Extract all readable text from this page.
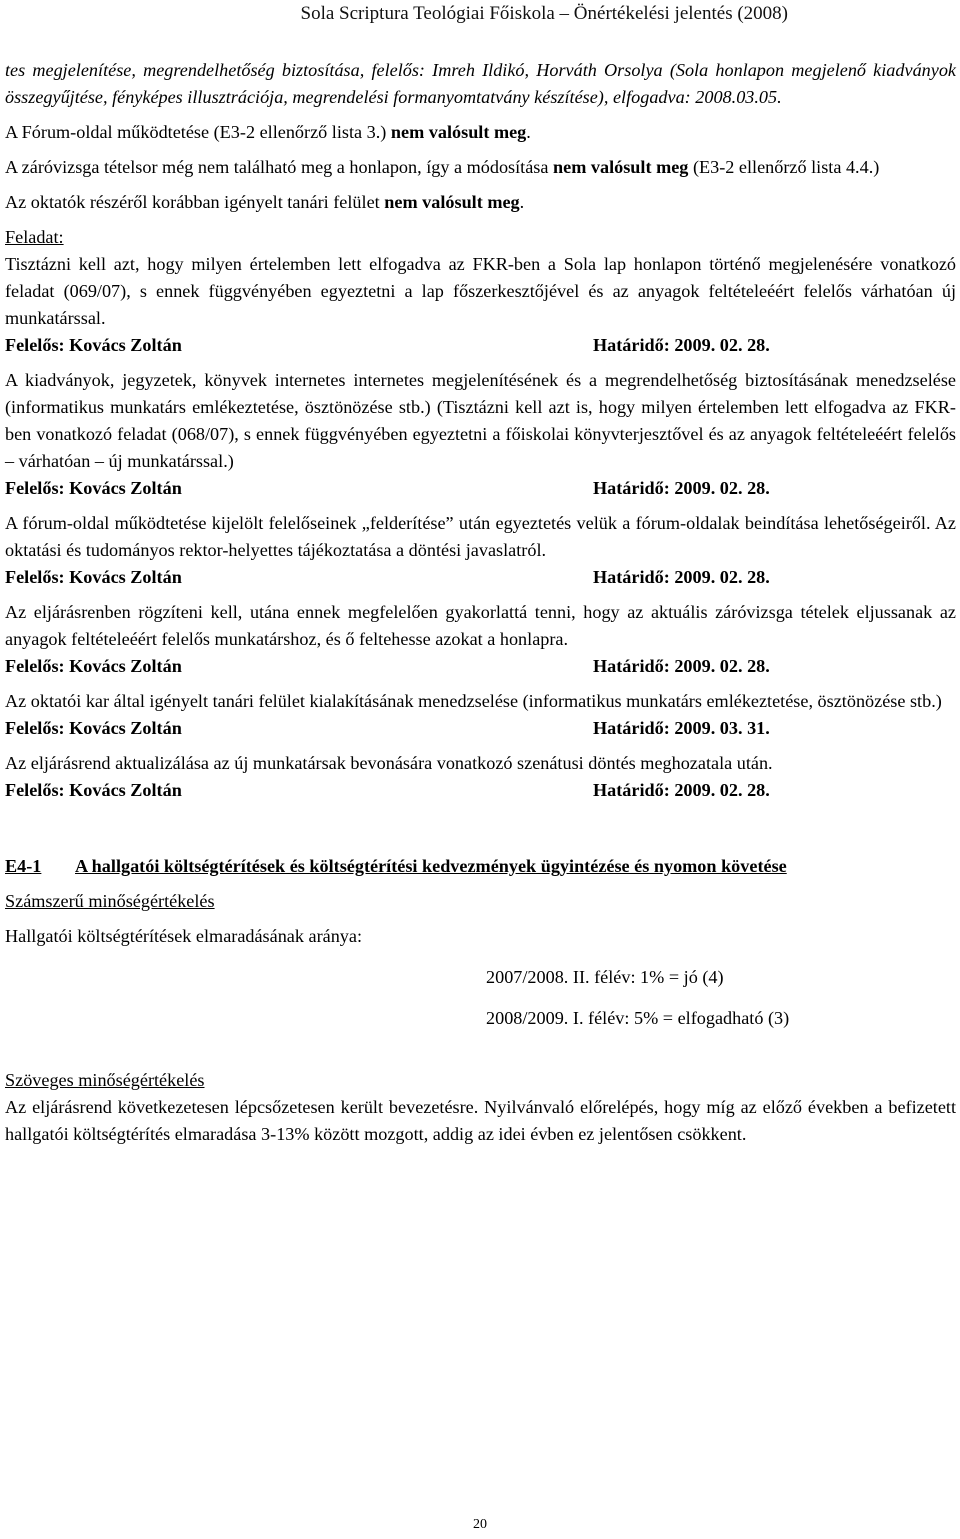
Sola Scriptura Teológiai Főiskola – Önértékelési jelentés (2008)

tes megjelenítése, megrendelhetőség biztosítása, felelős: Imreh Ildikó, Horváth Orsolya (Sola honlapon megjelenő kiadványok összegyűjtése, fényképes illusztrációja, megrendelési formanyomtatvány készítése), elfogadva: 2008.03.05.

A Fórum-oldal működtetése (E3-2 ellenőrző lista 3.) nem valósult meg.

A záróvizsga tételsor még nem található meg a honlapon, így a módosítása nem valósult meg (E3-2 ellenőrző lista 4.4.)

Az oktatók részéről korábban igényelt tanári felület nem valósult meg.

Feladat:

Tisztázni kell azt, hogy milyen értelemben lett elfogadva az FKR-ben a Sola lap honlapon történő megjelenésére vonatkozó feladat (069/07), s ennek függvényében egyeztetni a lap főszerkesztőjével és az anyagok feltételeéért felelős várhatóan új munkatárssal.

Felelős: Kovács Zoltán	Határidő: 2009. 02. 28.

A kiadványok, jegyzetek, könyvek internetes internetes megjelenítésének és a megrendelhetőség biztosításának menedzselése (informatikus munkatárs emlékeztetése, ösztönözése stb.) (Tisztázni kell azt is, hogy milyen értelemben lett elfogadva az FKR-ben vonatkozó feladat (068/07), s ennek függvényében egyeztetni a főiskolai könyvterjesztővel és az anyagok feltételeéért felelős – várhatóan – új munkatárssal.)

Felelős: Kovács Zoltán	Határidő: 2009. 02. 28.

A fórum-oldal működtetése kijelölt felelőseinek „felderítése” után egyeztetés velük a fórum-oldalak beindítása lehetőségeiről. Az oktatási és tudományos rektor-helyettes tájékoztatása a döntési javaslatról.

Felelős: Kovács Zoltán	Határidő: 2009. 02. 28.

Az eljárásrenben rögzíteni kell, utána ennek megfelelően gyakorlattá tenni, hogy az aktuális záróvizsga tételek eljussanak az anyagok feltételeéért felelős munkatárshoz, és ő feltehesse azokat a honlapra.

Felelős: Kovács Zoltán	Határidő: 2009. 02. 28.

Az oktatói kar által igényelt tanári felület kialakításának menedzselése (informatikus munkatárs emlékeztetése, ösztönözése stb.)

Felelős: Kovács Zoltán	Határidő: 2009. 03. 31.

Az eljárásrend aktualizálása az új munkatársak bevonására vonatkozó szenátusi döntés meghozatala után.

Felelős: Kovács Zoltán	Határidő: 2009. 02. 28.
E4-1	A hallgatói költségtérítések és költségtérítési kedvezmények ügyintézése és nyomon követése

Számszerű minőségértékelés

Hallgatói költségtérítések elmaradásának aránya:

2007/2008. II. félév: 1% = jó (4)

2008/2009. I. félév: 5% = elfogadható (3)

Szöveges minőségértékelés

Az eljárásrend következetesen lépcsőzetesen került bevezetésre. Nyilvánvaló előrelépés, hogy míg az előző években a befizetett hallgatói költségtérítés elmaradása 3-13% között mozgott, addig az idei évben ez jelentősen csökkent.

20
